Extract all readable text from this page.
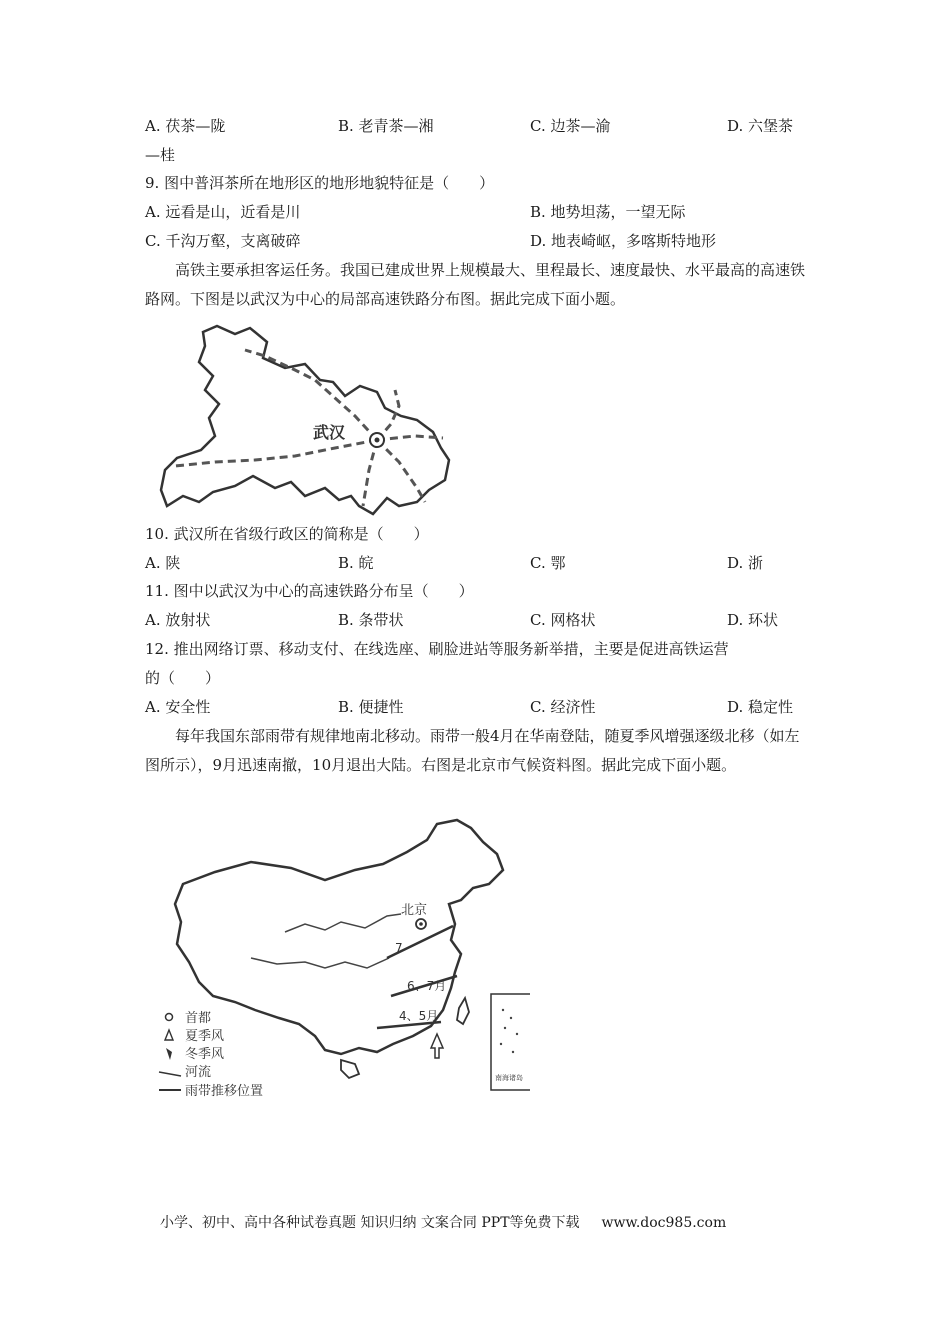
A. 茯茶—陇	B. 老青茶—湘	C. 边茶—渝	D. 六堡茶
—桂
9. 图中普洱茶所在地形区的地形地貌特征是（　　）
A. 远看是山，近看是川	B. 地势坦荡，一望无际
C. 千沟万壑，支离破碎	D. 地表崎岖，多喀斯特地形
高铁主要承担客运任务。我国已建成世界上规模最大、里程最长、速度最快、水平最高的高速铁路网。下图是以武汉为中心的局部高速铁路分布图。据此完成下面小题。
武汉
10. 武汉所在省级行政区的简称是（　　）
A. 陕	B. 皖	C. 鄂	D. 浙
11. 图中以武汉为中心的高速铁路分布呈（　　）
A. 放射状	B. 条带状	C. 网格状	D. 环状
12. 推出网络订票、移动支付、在线选座、刷脸进站等服务新举措，主要是促进高铁运营
的（　　）
A. 安全性	B. 便捷性	C. 经济性	D. 稳定性
每年我国东部雨带有规律地南北移动。雨带一般4月在华南登陆，随夏季风增强逐级北移（如左图所示），9月迅速南撤，10月退出大陆。右图是北京市气候资料图。据此完成下面小题。
北京
7
6、7月
4、5月
南海诸岛
首都
夏季风
冬季风
河流
雨带推移位置
小学、初中、高中各种试卷真题 知识归纳 文案合同 PPT等免费下载 www.doc985.com
